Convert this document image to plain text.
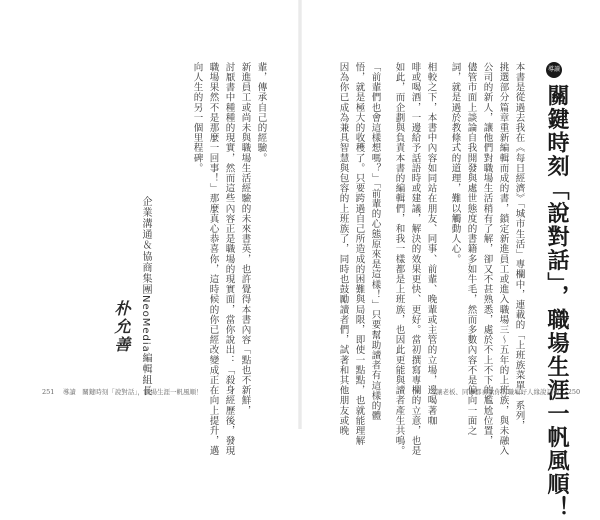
輩，傳承自己的經驗。
新進員工或尚未與職場生活經驗的未來書英，也許覺得本書內容「點也不新鮮，
討厭書中種種的現實，然而這些內容正是職場的現實面，當你說出：「殺身經歷後，發現
職場果然不是那麼一回事！」那麼真心恭喜你，這時候的你已經改變成正在向上提升，邁
向人生的另一個里程碑。
企業溝通＆協商集團NeoMedia編輯組長
朴允善
251 導讀　關鍵時刻「說對話」，職場生涯一帆風順！
導讀
關鍵時刻「說對話」，職場生涯一帆風順！
本書是從過去我在《每日經濟》「城市生活」專欄中，連載的「上班族菜單」系列，
挑選部分篇章重新編輯而成的書，鎖定新進員工或進入職場三～五年的上班族，與未融入
公司的新人，讓他們對職場生活稍有了解，卻又不甚熟悉，處於不上不下的尷尬位置，
儘管市面上談論自我開發與處世態度的書籍多如牛毛，然而多數內容不是偏向一面之
詞，就是過於教條式的道理，難以觸動人心。
相較之下，本書中內容如同站在朋友、同事、前輩、晚輩或主管的立場，邊喝著咖
啡或喝酒，一邊給予話語時或建議，解決的效果更快、更好。當初撰寫專欄的立意，也是
如此，而企劃與負責本書的編輯們，和我一樣都是上班族，也因此更能與讀者產生共鳴。
「前輩們也會這樣想嗎？」「前輩的心態原來是這樣！」只要幫助讀者有這樣的體
悟，就是極大的收穫了。只要跨過自己所造成的困難與局限，即使一點點，也就能理解
因為你已成為兼具智慧與包容的上班族了，同時也鼓勵讀者們，試著和其他朋友或晚	讓老板、同事都喜歡你的職場好人緣說話術 250
